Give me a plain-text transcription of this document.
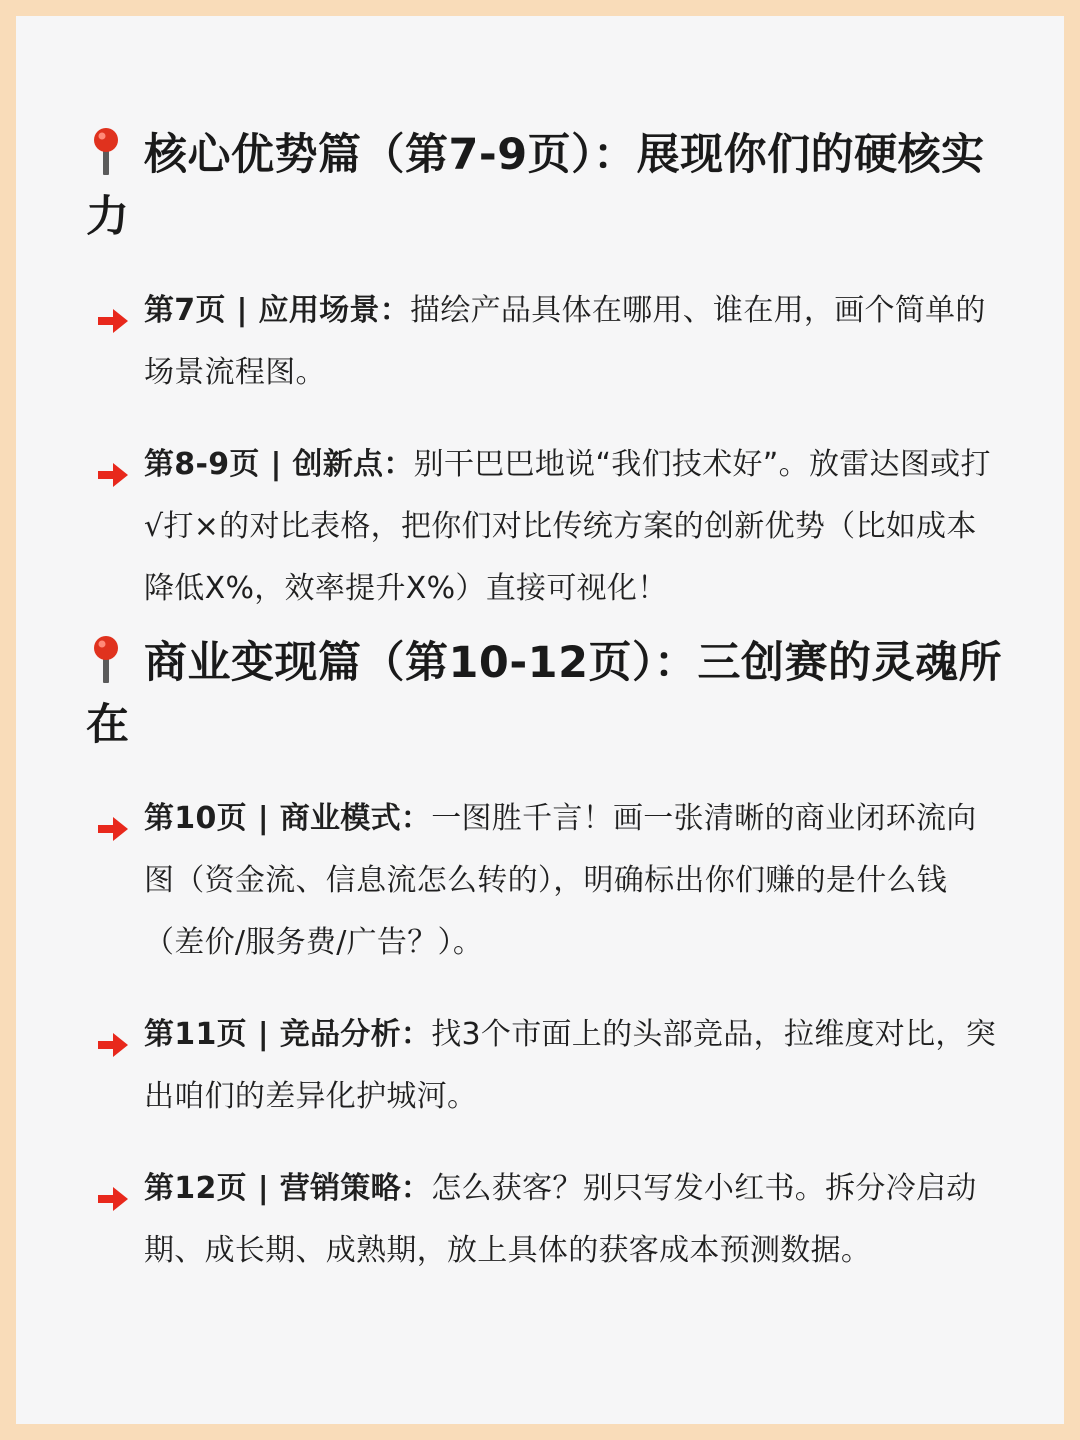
核心优势篇（第7-9页）：展现你们的硬核实力

第7页 | 应用场景：描绘产品具体在哪用、谁在用，画个简单的场景流程图。

第8-9页 | 创新点：别干巴巴地说“我们技术好”。放雷达图或打√打×的对比表格，把你们对比传统方案的创新优势（比如成本降低X%，效率提升X%）直接可视化！

商业变现篇（第10-12页）：三创赛的灵魂所在

第10页 | 商业模式：一图胜千言！画一张清晰的商业闭环流向图（资金流、信息流怎么转的），明确标出你们赚的是什么钱（差价/服务费/广告？）。

第11页 | 竞品分析：找3个市面上的头部竞品，拉维度对比，突出咱们的差异化护城河。

第12页 | 营销策略：怎么获客？别只写发小红书。拆分冷启动期、成长期、成熟期，放上具体的获客成本预测数据。
